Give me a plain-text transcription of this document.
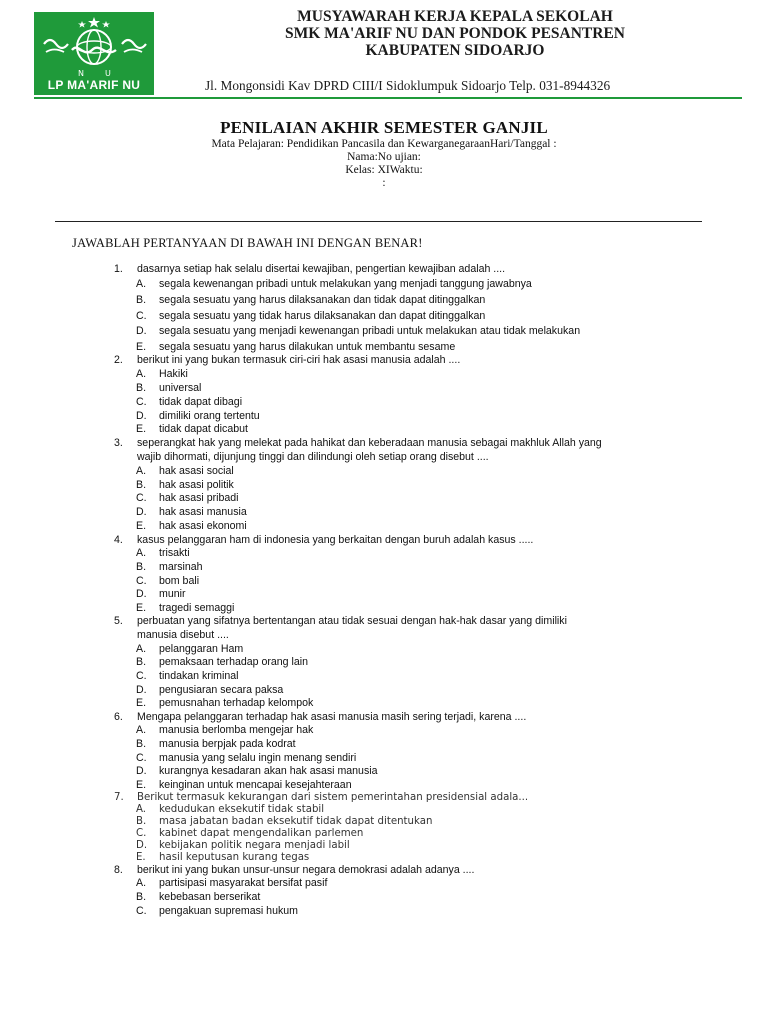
N	U
LP MA'ARIF NU
MUSYAWARAH KERJA KEPALA SEKOLAH
SMK MA'ARIF NU DAN PONDOK PESANTREN
KABUPATEN SIDOARJO
Jl. Mongonsidi Kav DPRD CIII/I Sidoklumpuk Sidoarjo Telp. 031-8944326
PENILAIAN AKHIR SEMESTER GANJIL
Mata Pelajaran: Pendidikan Pancasila dan KewarganegaraanHari/Tanggal :
Nama:No ujian:
Kelas: XIWaktu:
:
JAWABLAH PERTANYAAN DI BAWAH INI DENGAN BENAR!
1. dasarnya setiap hak selalu disertai kewajiban, pengertian kewajiban adalah ....
A. segala kewenangan pribadi untuk melakukan yang menjadi tanggung jawabnya
B. segala sesuatu yang harus dilaksanakan dan tidak dapat ditinggalkan
C. segala sesuatu yang tidak harus dilaksanakan dan dapat ditinggalkan
D. segala sesuatu yang menjadi kewenangan pribadi untuk melakukan atau tidak melakukan
E. segala sesuatu yang harus dilakukan untuk membantu sesame
2. berikut ini yang bukan termasuk ciri-ciri hak asasi manusia adalah ....
A. Hakiki
B. universal
C. tidak dapat dibagi
D. dimiliki orang tertentu
E. tidak dapat dicabut
3. seperangkat hak yang melekat pada hahikat dan keberadaan manusia sebagai makhluk Allah yang
wajib dihormati, dijunjung tinggi dan dilindungi oleh setiap orang disebut ....
A. hak asasi social
B. hak asasi politik
C. hak asasi pribadi
D. hak asasi manusia
E. hak asasi ekonomi
4. kasus pelanggaran ham di indonesia yang berkaitan dengan buruh adalah kasus .....
A. trisakti
B. marsinah
C. bom bali
D. munir
E. tragedi semaggi
5. perbuatan yang sifatnya bertentangan atau tidak sesuai dengan hak-hak dasar yang dimiliki
manusia disebut ....
A. pelanggaran Ham
B. pemaksaan terhadap orang lain
C. tindakan kriminal
D. pengusiaran secara paksa
E. pemusnahan terhadap kelompok
6. Mengapa pelanggaran terhadap hak asasi manusia masih sering terjadi, karena ....
A. manusia berlomba mengejar hak
B. manusia berpjak pada kodrat
C. manusia yang selalu ingin menang sendiri
D. kurangnya kesadaran akan hak asasi manusia
E. keinginan untuk mencapai kesejahteraan
7. Berikut termasuk kekurangan dari sistem pemerintahan presidensial adala...
A. kedudukan eksekutif tidak stabil
B. masa jabatan badan eksekutif tidak dapat ditentukan
C. kabinet dapat mengendalikan parlemen
D. kebijakan politik negara menjadi labil
E. hasil keputusan kurang tegas
8. berikut ini yang bukan unsur-unsur negara demokrasi adalah adanya ....
A. partisipasi masyarakat bersifat pasif
B. kebebasan berserikat
C. pengakuan supremasi hukum
